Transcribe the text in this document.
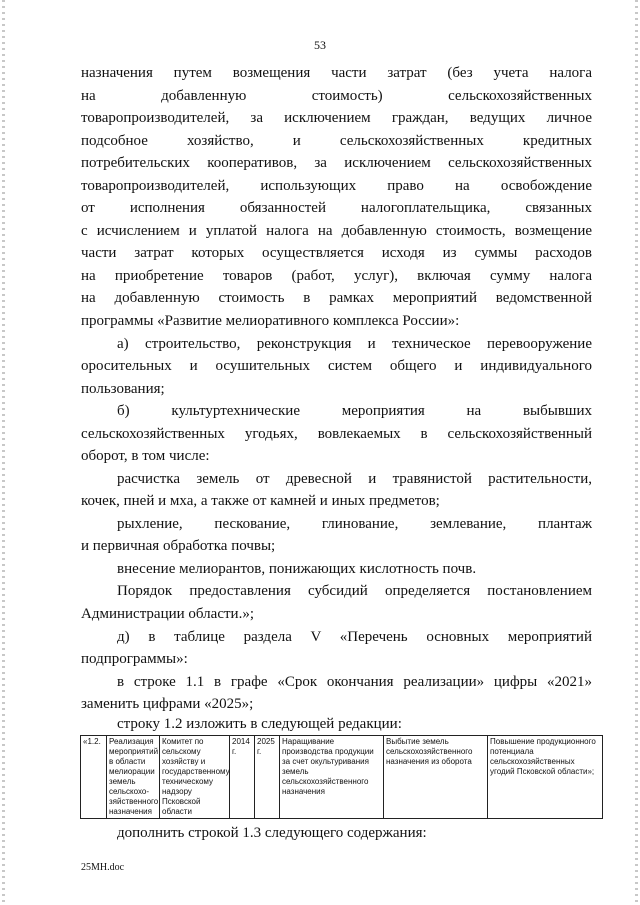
53
назначения путем возмещения части затрат (без учета налога
на добавленную стоимость) сельскохозяйственных
товаропроизводителей, за исключением граждан, ведущих личное
подсобное хозяйство, и сельскохозяйственных кредитных
потребительских кооперативов, за исключением сельскохозяйственных
товаропроизводителей, использующих право на освобождение
от исполнения обязанностей налогоплательщика, связанных
с исчислением и уплатой налога на добавленную стоимость, возмещение
части затрат которых осуществляется исходя из суммы расходов
на приобретение товаров (работ, услуг), включая сумму налога
на добавленную стоимость в рамках мероприятий ведомственной
программы «Развитие мелиоративного комплекса России»:
а) строительство, реконструкция и техническое перевооружение
оросительных и осушительных систем общего и индивидуального
пользования;
б) культуртехнические мероприятия на выбывших
сельскохозяйственных угодьях, вовлекаемых в сельскохозяйственный
оборот, в том числе:
расчистка земель от древесной и травянистой растительности,
кочек, пней и мха, а также от камней и иных предметов;
рыхление, пескование, глинование, землевание, плантаж
и первичная обработка почвы;
внесение мелиорантов, понижающих кислотность почв.
Порядок предоставления субсидий определяется постановлением
Администрации области.»;
д) в таблице раздела V «Перечень основных мероприятий
подпрограммы»:
в строке 1.1 в графе «Срок окончания реализации» цифры «2021»
заменить цифрами «2025»;
строку 1.2 изложить в следующей редакции:
«1.2.	Реализация мероприятий в области мелиорации земель сельскохо-зяйственного назначения	Комитет по сельскому хозяйству и государственному техническому надзору Псковской области	2014 г.	2025 г.	Наращивание производства продукции за счет окультуривания земель сельскохозяйственного назначения	Выбытие земель сельскохозяйственного назначения из оборота	Повышение продукционного потенциала сельскохозяйственных угодий Псковской области»;
дополнить строкой 1.3 следующего содержания:
25МН.doc
